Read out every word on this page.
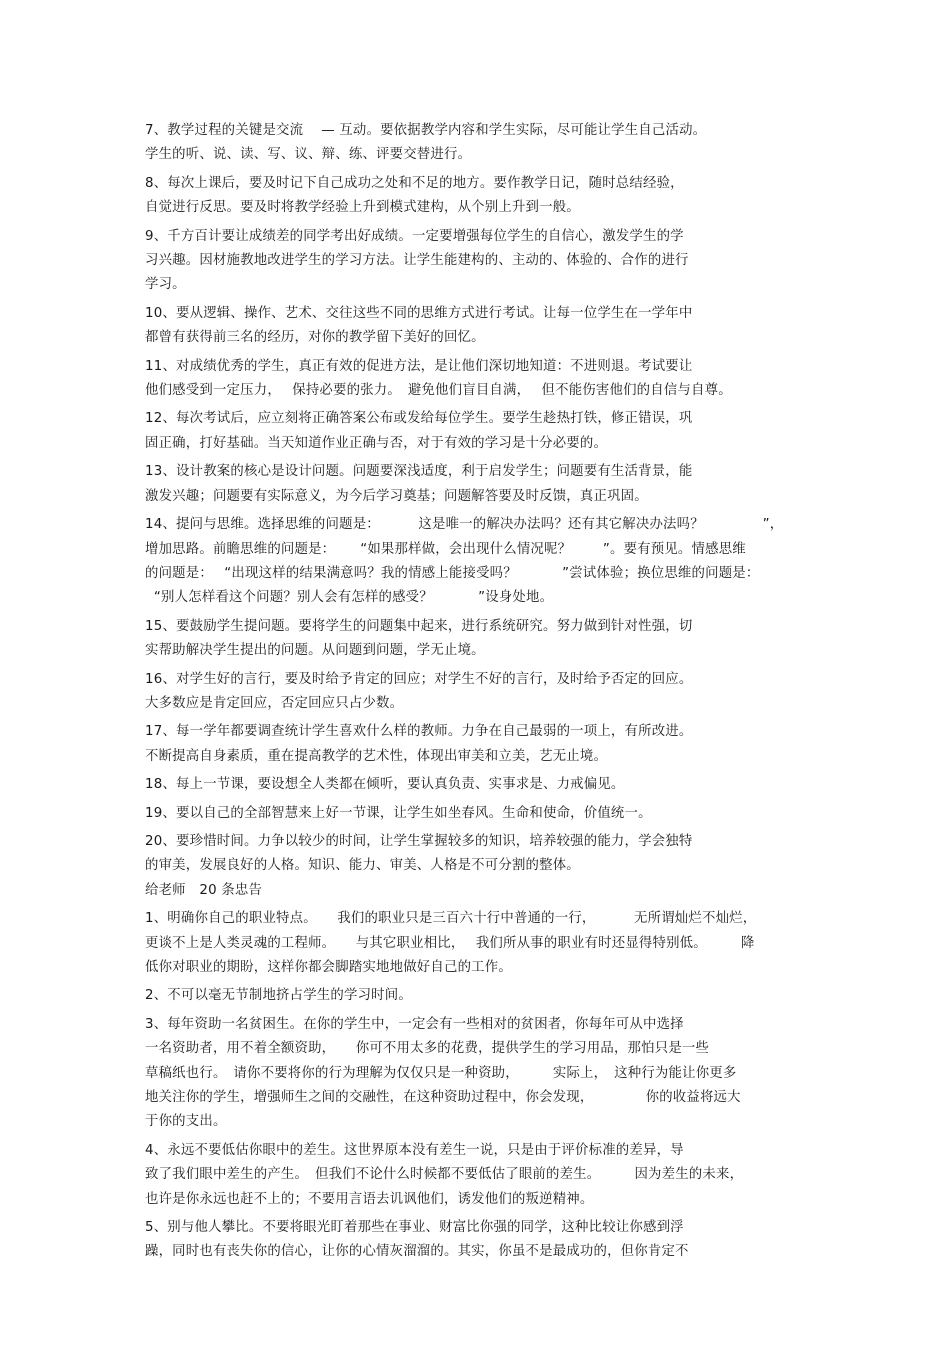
7、教学过程的关键是交流　 — 互动。要依据教学内容和学生实际，尽可能让学生自己活动。
学生的听、说、读、写、议、辩、练、评要交替进行。
8、每次上课后，要及时记下自己成功之处和不足的地方。要作教学日记，随时总结经验，
自觉进行反思。要及时将教学经验上升到模式建构，从个别上升到一般。
9、千方百计要让成绩差的同学考出好成绩。一定要增强每位学生的自信心，激发学生的学
习兴趣。因材施教地改进学生的学习方法。让学生能建构的、主动的、体验的、合作的进行
学习。
10、要从逻辑、操作、艺术、交往这些不同的思维方式进行考试。让每一位学生在一学年中
都曾有获得前三名的经历，对你的教学留下美好的回忆。
11、对成绩优秀的学生，真正有效的促进方法，是让他们深切地知道：不进则退。考试要让
他们感受到一定压力，　 保持必要的张力。　避免他们盲目自满，　 但不能伤害他们的自信与自尊。
12、每次考试后，应立刻将正确答案公布或发给每位学生。要学生趁热打铁，修正错误，巩
固正确，打好基础。当天知道作业正确与否，对于有效的学习是十分必要的。
13、设计教案的核心是设计问题。问题要深浅适度，利于启发学生；问题要有生活背景，能
激发兴趣；问题要有实际意义，为今后学习奠基；问题解答要及时反馈，真正巩固。
14、提问与思维。选择思维的问题是：　　　 这是唯一的解决办法吗？还有其它解决办法吗？　　　　 ”，
增加思路。前瞻思维的问题是：　　 “如果那样做，会出现什么情况呢？　　 ”。要有预见。情感思维
的问题是：　 “出现这样的结果满意吗？我的情感上能接受吗？　　　 ”尝试体验；换位思维的问题是：
“别人怎样看这个问题？别人会有怎样的感受？　　　 ”设身处地。
15、要鼓励学生提问题。要将学生的问题集中起来，进行系统研究。努力做到针对性强，切
实帮助解决学生提出的问题。从问题到问题，学无止境。
16、对学生好的言行，要及时给予肯定的回应；对学生不好的言行，及时给予否定的回应。
大多数应是肯定回应，否定回应只占少数。
17、每一学年都要调查统计学生喜欢什么样的教师。力争在自己最弱的一项上，有所改进。
不断提高自身素质，重在提高教学的艺术性，体现出审美和立美，艺无止境。
18、每上一节课，要设想全人类都在倾听，要认真负责、实事求是、力戒偏见。
19、要以自己的全部智慧来上好一节课，让学生如坐春风。生命和使命，价值统一。
20、要珍惜时间。力争以较少的时间，让学生掌握较多的知识，培养较强的能力，学会独特
的审美，发展良好的人格。知识、能力、审美、人格是不可分割的整体。
给老师　20 条忠告
1、明确你自己的职业特点。　　我们的职业只是三百六十行中普通的一行，　　　 无所谓灿烂不灿烂，
更谈不上是人类灵魂的工程师。　　与其它职业相比，　 我们所从事的职业有时还显得特别低。　　　降
低你对职业的期盼，这样你都会脚踏实地地做好自己的工作。
2、不可以毫无节制地挤占学生的学习时间。
3、每年资助一名贫困生。在你的学生中，一定会有一些相对的贫困者，你每年可从中选择
一名资助者，用不着全额资助，　　你可不用太多的花费，提供学生的学习用品，那怕只是一些
草稿纸也行。　请你不要将你的行为理解为仅仅只是一种资助，　　　实际上，　这种行为能让你更多
地关注你的学生，增强师生之间的交融性，在这种资助过程中，你会发现，　　　　 你的收益将远大
于你的支出。
4、永远不要低估你眼中的差生。这世界原本没有差生一说，只是由于评价标准的差异，导
致了我们眼中差生的产生。　但我们不论什么时候都不要低估了眼前的差生。　　　因为差生的未来，
也许是你永远也赶不上的；不要用言语去讥讽他们，诱发他们的叛逆精神。
5、别与他人攀比。不要将眼光盯着那些在事业、财富比你强的同学，这种比较让你感到浮
躁，同时也有丧失你的信心，让你的心情灰溜溜的。其实，你虽不是最成功的，但你肯定不
